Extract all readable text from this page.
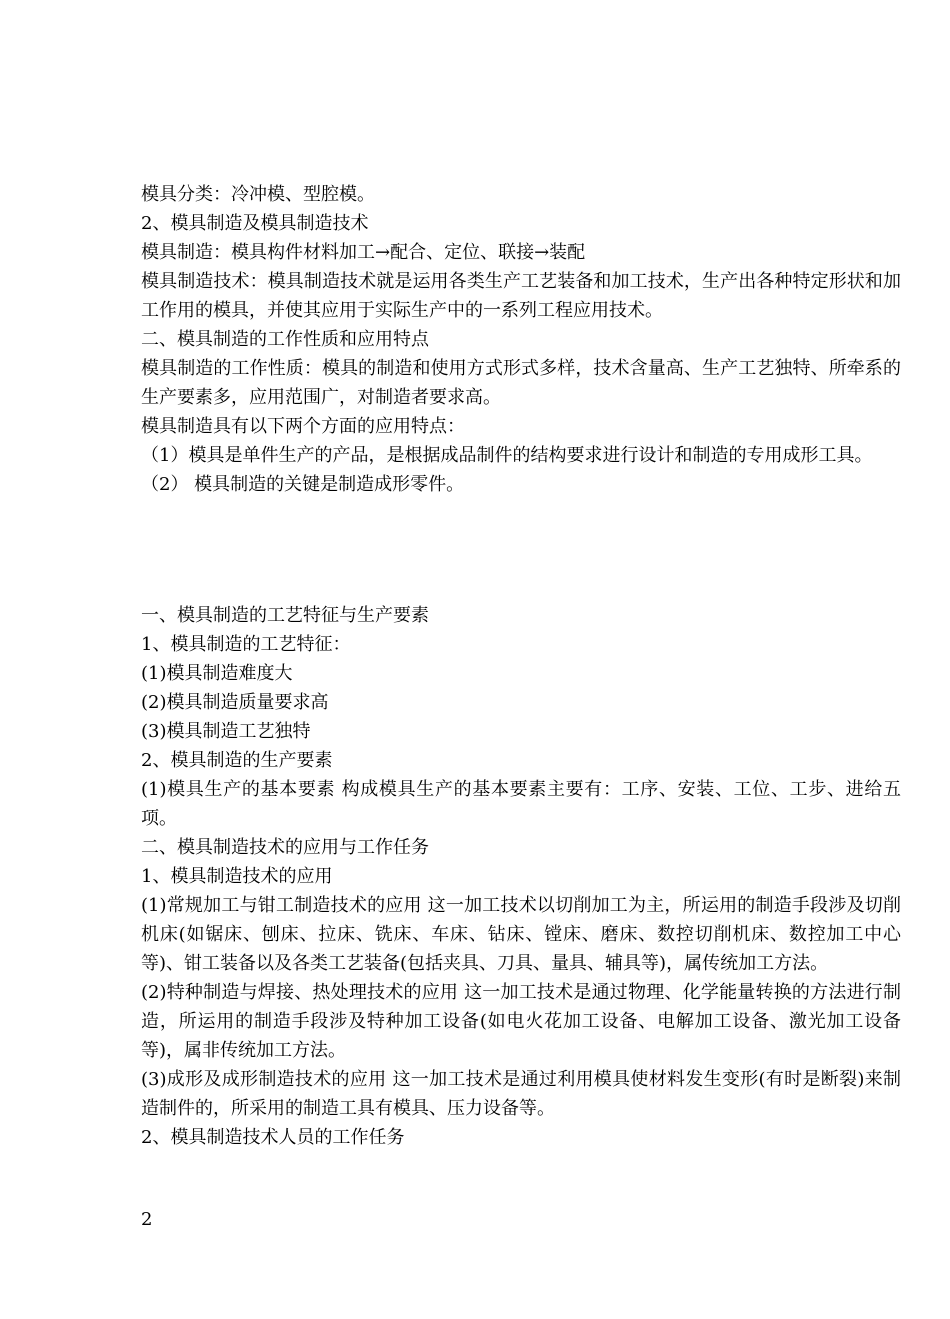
模具分类：冷冲模、型腔模。

2、模具制造及模具制造技术

模具制造：模具构件材料加工→配合、定位、联接→装配

模具制造技术：模具制造技术就是运用各类生产工艺装备和加工技术，生产出各种特定形状和加工作用的模具，并使其应用于实际生产中的一系列工程应用技术。

二、模具制造的工作性质和应用特点

模具制造的工作性质：模具的制造和使用方式形式多样，技术含量高、生产工艺独特、所牵系的生产要素多，应用范围广，对制造者要求高。

模具制造具有以下两个方面的应用特点：

（1）模具是单件生产的产品，是根据成品制件的结构要求进行设计和制造的专用成形工具。

（2） 模具制造的关键是制造成形零件。

一、模具制造的工艺特征与生产要素

1、模具制造的工艺特征：

(1)模具制造难度大

(2)模具制造质量要求高

(3)模具制造工艺独特

2、模具制造的生产要素

(1)模具生产的基本要素 构成模具生产的基本要素主要有：工序、安装、工位、工步、进给五项。

二、模具制造技术的应用与工作任务

1、模具制造技术的应用

(1)常规加工与钳工制造技术的应用 这一加工技术以切削加工为主，所运用的制造手段涉及切削机床(如锯床、刨床、拉床、铣床、车床、钻床、镗床、磨床、数控切削机床、数控加工中心等)、钳工装备以及各类工艺装备(包括夹具、刀具、量具、辅具等)，属传统加工方法。

(2)特种制造与焊接、热处理技术的应用 这一加工技术是通过物理、化学能量转换的方法进行制造，所运用的制造手段涉及特种加工设备(如电火花加工设备、电解加工设备、激光加工设备等)，属非传统加工方法。

(3)成形及成形制造技术的应用 这一加工技术是通过利用模具使材料发生变形(有时是断裂)来制造制件的，所采用的制造工具有模具、压力设备等。

2、模具制造技术人员的工作任务

2
